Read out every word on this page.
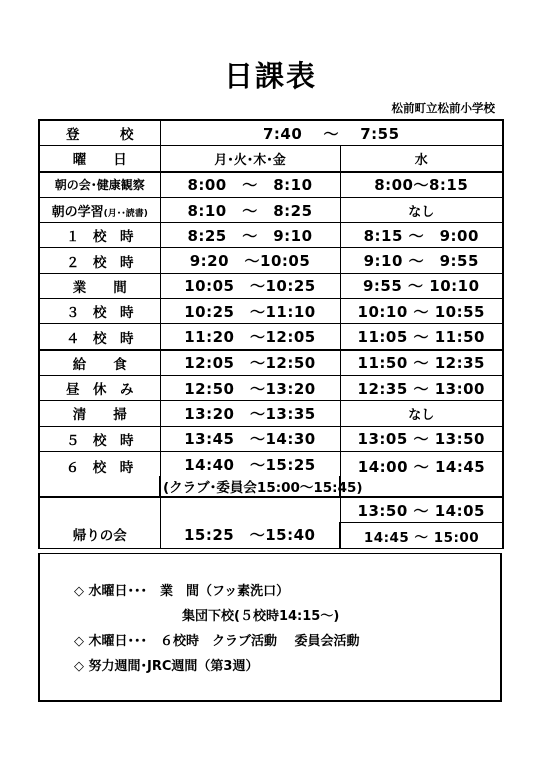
日課表
松前町立松前小学校
登　　　校	7:40　 ～　 7:55	
曜　　日	月･火･木･金	水
朝の会･健康観察	8:00　～　8:10	8:00～8:15
朝の学習(月･･読書)	8:10　～　8:25	なし
１　校　時	8:25　～　9:10	8:15 ～　9:00
２　校　時	9:20　～10:05	9:10 ～　9:55
業　　間	10:05　～10:25	9:55 ～ 10:10
３　校　時	10:25　～11:10	10:10 ～ 10:55
４　校　時	11:20　～12:05	11:05 ～ 11:50
給　　食	12:05　～12:50	11:50 ～ 12:35
昼　休　み	12:50　～13:20	12:35 ～ 13:00
清　　掃	13:20　～13:35	なし
５　校　時	13:45　～14:30	13:05 ～ 13:50
６　校　時	14:40　～15:25	14:00 ～ 14:45
	(クラブ･委員会15:00～15:45)	
帰りの会	15:25　～15:40	13:50 ～ 14:05
		14:45 ～ 15:00
◇ 水曜日･･･　業　間（フッ素洗口）
集団下校(５校時14:15～)
◇ 木曜日･･･　６校時　クラブ活動　 委員会活動
◇ 努力週間･JRC週間（第3週）
